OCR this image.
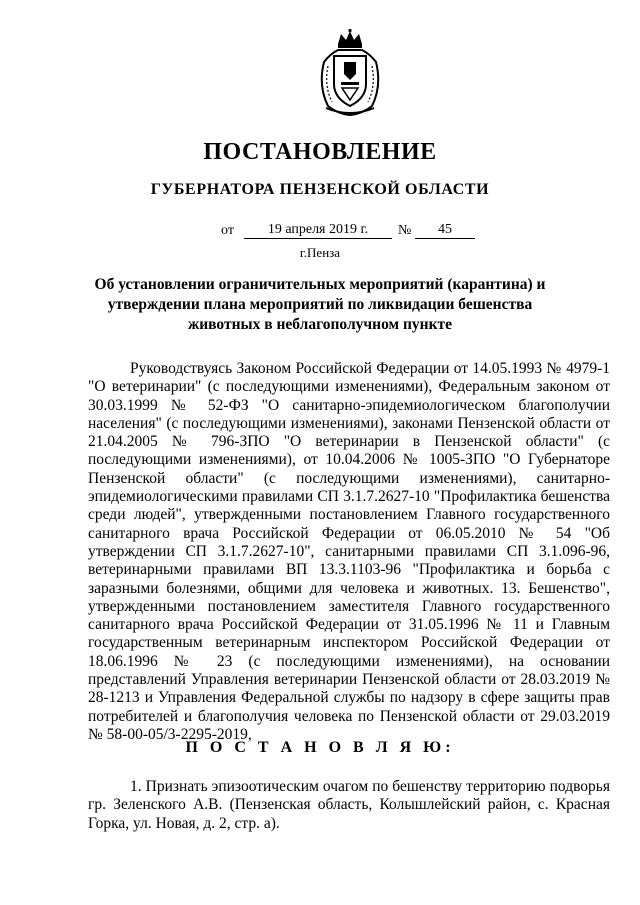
ПОСТАНОВЛЕНИЕ
ГУБЕРНАТОРА ПЕНЗЕНСКОЙ ОБЛАСТИ
от	19 апреля 2019 г.	№	45
г.Пенза
Об установлении ограничительных мероприятий (карантина) и утверждении плана мероприятий по ликвидации бешенства животных в неблагополучном пункте

Руководствуясь Законом Российской Федерации от 14.05.1993 № 4979-1 "О ветеринарии" (с последующими изменениями), Федеральным законом от 30.03.1999 № 52-ФЗ "О санитарно-эпидемиологическом благополучии населения" (с последующими изменениями), законами Пензенской области от 21.04.2005 № 796-ЗПО "О ветеринарии в Пензенской области" (с последующими изменениями), от 10.04.2006 № 1005-ЗПО "О Губернаторе Пензенской области" (с последующими изменениями), санитарно-эпидемиологическими правилами СП 3.1.7.2627-10 "Профилактика бешенства среди людей", утвержденными постановлением Главного государственного санитарного врача Российской Федерации от 06.05.2010 № 54 "Об утверждении СП 3.1.7.2627-10", санитарными правилами СП 3.1.096-96, ветеринарными правилами ВП 13.3.1103-96 "Профилактика и борьба с заразными болезнями, общими для человека и животных. 13. Бешенство", утвержденными постановлением заместителя Главного государственного санитарного врача Российской Федерации от 31.05.1996 № 11 и Главным государственным ветеринарным инспектором Российской Федерации от 18.06.1996 № 23 (с последующими изменениями), на основании представлений Управления ветеринарии Пензенской области от 28.03.2019 № 28-1213 и Управления Федеральной службы по надзору в сфере защиты прав потребителей и благополучия человека по Пензенской области от 29.03.2019 № 58-00-05/3-2295-2019,

П О С Т А Н О В Л Я Ю:

1. Признать эпизоотическим очагом по бешенству территорию подворья гр. Зеленского А.В. (Пензенская область, Колышлейский район, с. Красная Горка, ул. Новая, д. 2, стр. а).
